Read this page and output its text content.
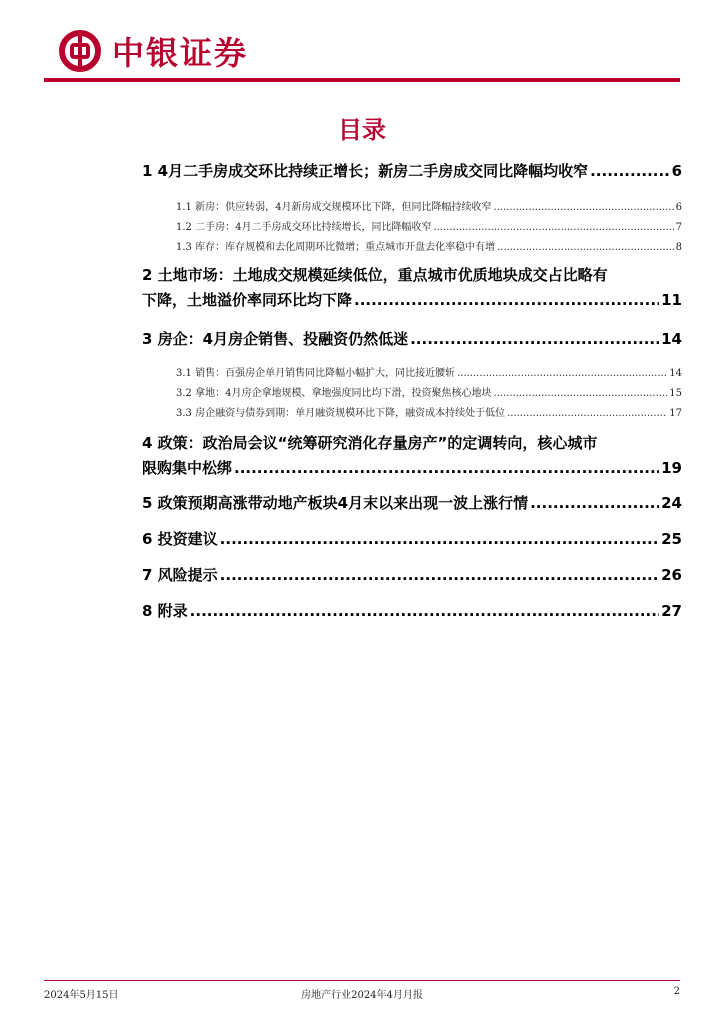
中银证券
目录
1 4月二手房成交环比持续正增长；新房二手房成交同比降幅均收窄 .....	6
1.1 新房：供应转弱，4月新房成交规模环比下降，但同比降幅持续收窄 .....	6
1.2 二手房：4月二手房成交环比持续增长，同比降幅收窄 .....	7
1.3 库存：库存规模和去化周期环比微增；重点城市开盘去化率稳中有增 .....	8
2 土地市场：土地成交规模延续低位，重点城市优质地块成交占比略有
下降，土地溢价率同环比均下降 .....	11
3 房企：4月房企销售、投融资仍然低迷 .....	14
3.1 销售：百强房企单月销售同比降幅小幅扩大，同比接近腰斩 .....	14
3.2 拿地：4月房企拿地规模、拿地强度同比均下滑，投资聚焦核心地块 .....	15
3.3 房企融资与债券到期：单月融资规模环比下降，融资成本持续处于低位 .....	17
4 政策：政治局会议“统筹研究消化存量房产”的定调转向，核心城市
限购集中松绑 .....	19
5 政策预期高涨带动地产板块4月末以来出现一波上涨行情 .....	24
6 投资建议 .....	25
7 风险提示 .....	26
8 附录 .....	27
2024年5月15日	房地产行业2024年4月月报	2
